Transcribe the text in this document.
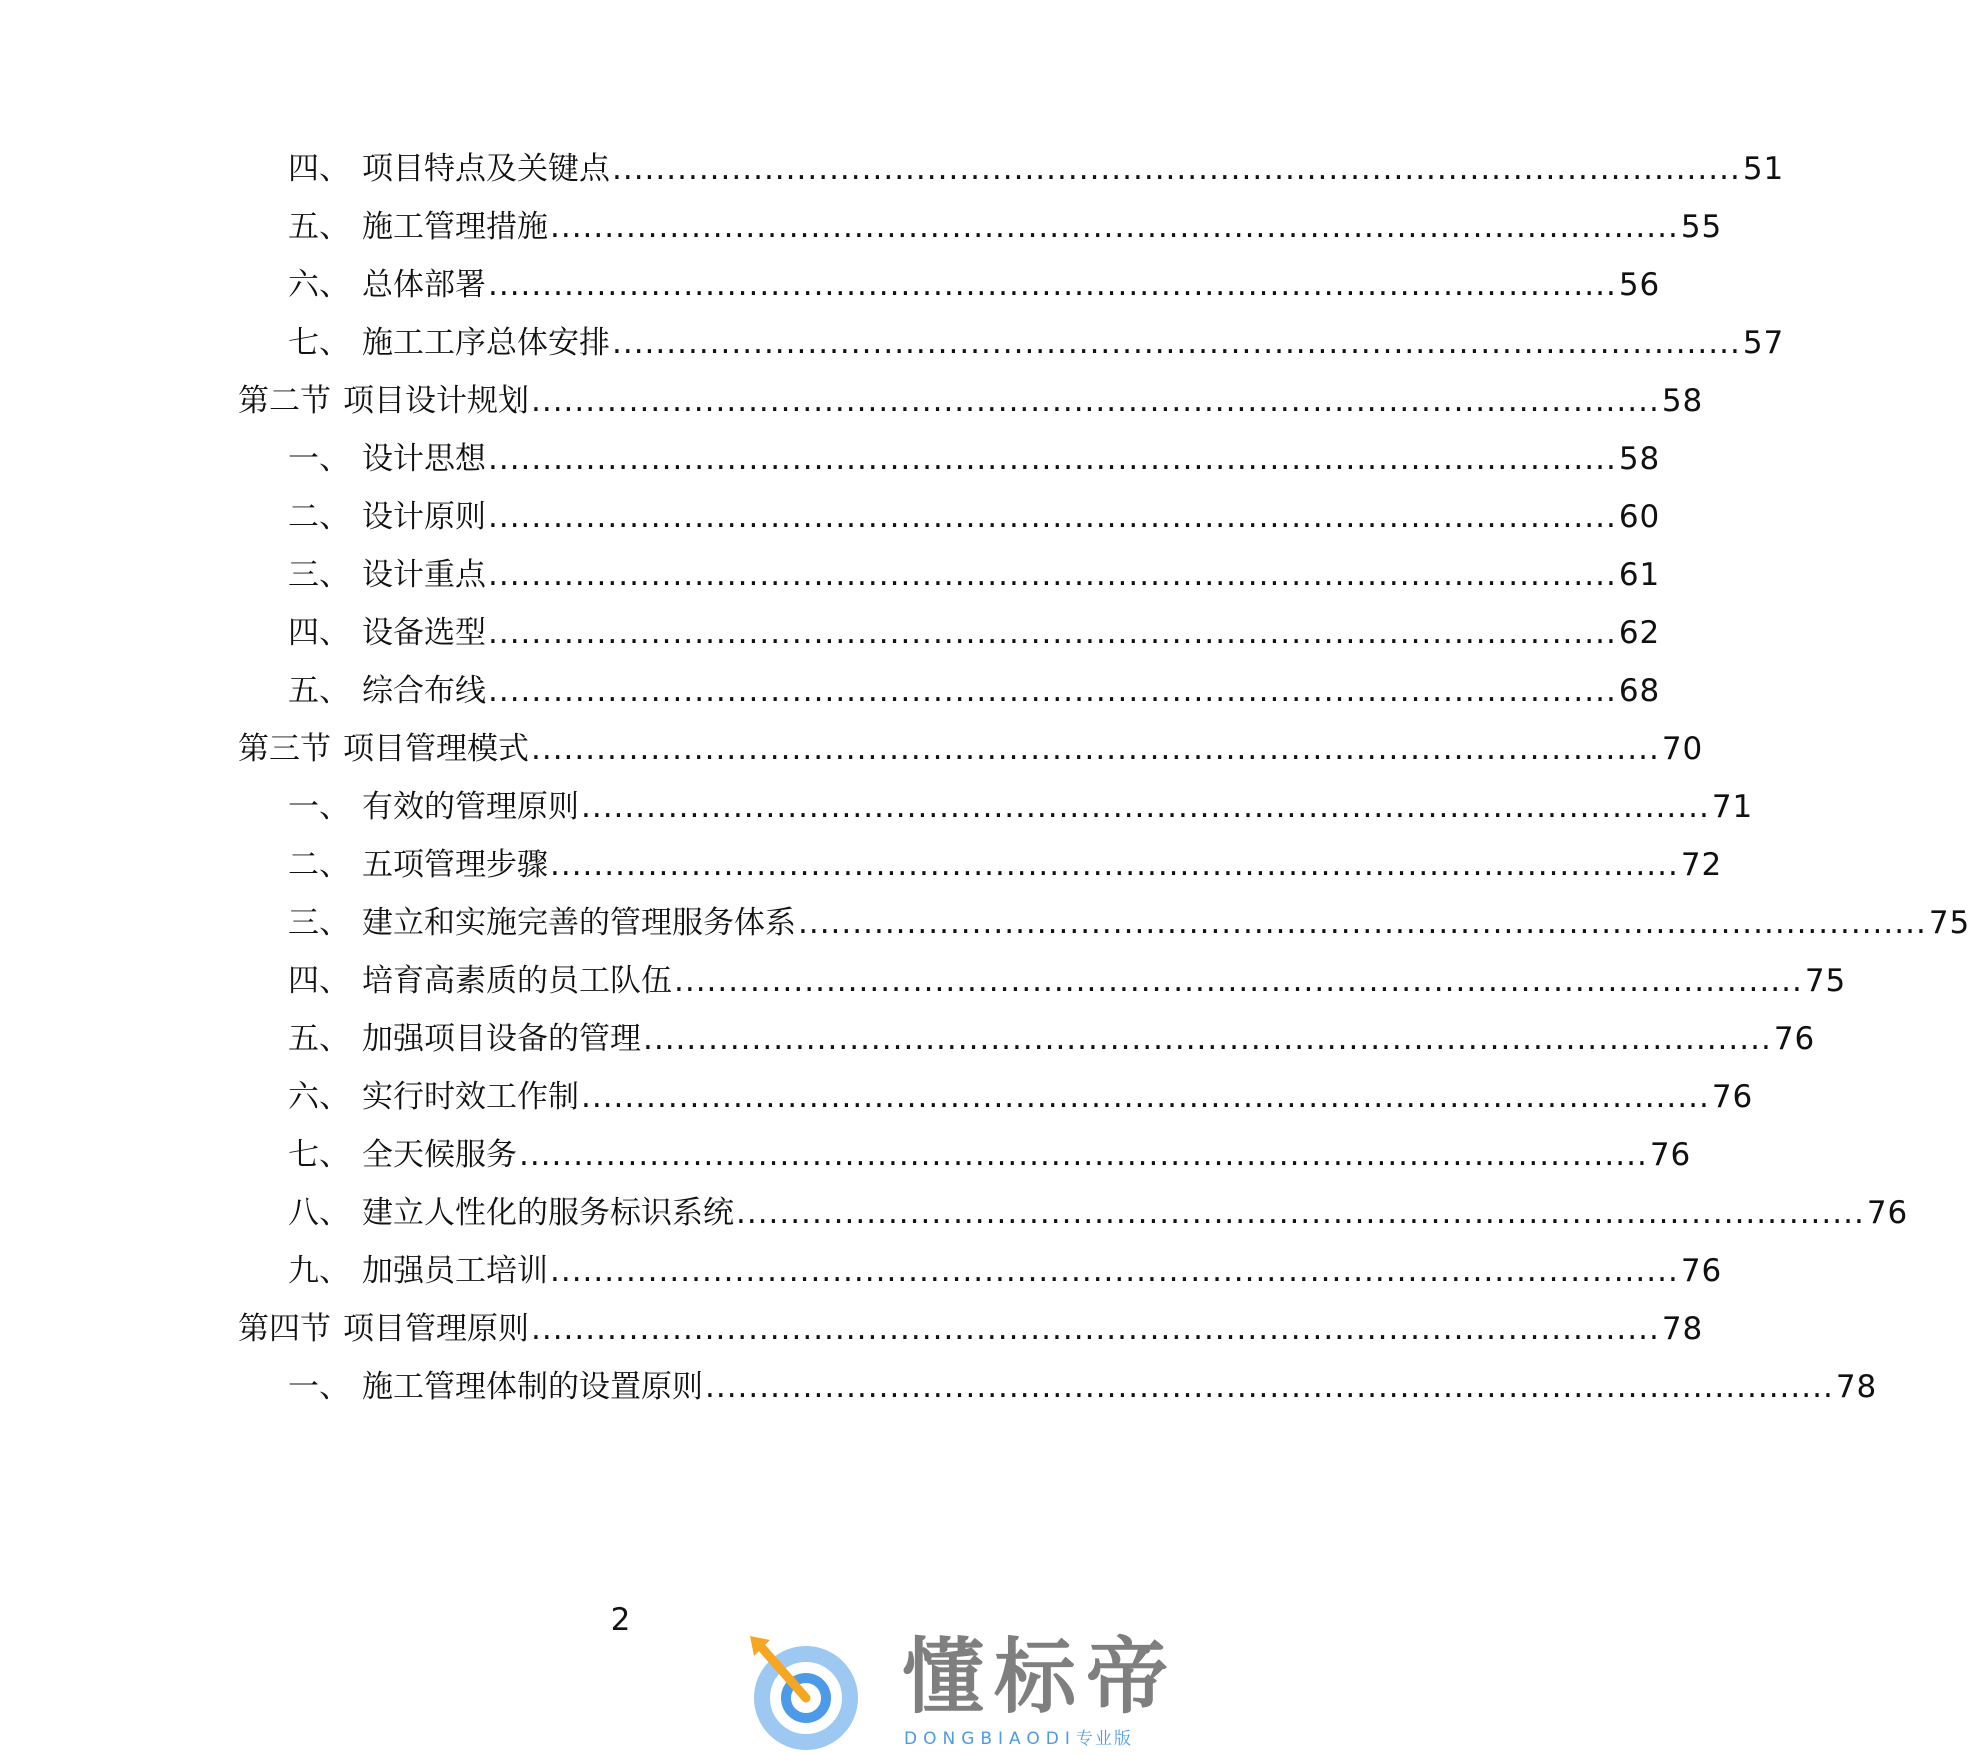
四、 项目特点及关键点 ........................................................................................................ 51
五、 施工管理措施 ........................................................................................................ 55
六、 总体部署 ........................................................................................................ 56
七、 施工工序总体安排 ........................................................................................................ 57
第二节 项目设计规划 ........................................................................................................ 58
一、 设计思想 ........................................................................................................ 58
二、 设计原则 ........................................................................................................ 60
三、 设计重点 ........................................................................................................ 61
四、 设备选型 ........................................................................................................ 62
五、 综合布线 ........................................................................................................ 68
第三节 项目管理模式 ........................................................................................................ 70
一、 有效的管理原则 ........................................................................................................ 71
二、 五项管理步骤 ........................................................................................................ 72
三、 建立和实施完善的管理服务体系 ........................................................................................................ 75
四、 培育高素质的员工队伍 ........................................................................................................ 75
五、 加强项目设备的管理 ........................................................................................................ 76
六、 实行时效工作制 ........................................................................................................ 76
七、 全天候服务 ........................................................................................................ 76
八、 建立人性化的服务标识系统 ........................................................................................................ 76
九、 加强员工培训 ........................................................................................................ 76
第四节 项目管理原则 ........................................................................................................ 78
一、 施工管理体制的设置原则 ........................................................................................................ 78
2
懂标帝
DONGBIAODI专业版
